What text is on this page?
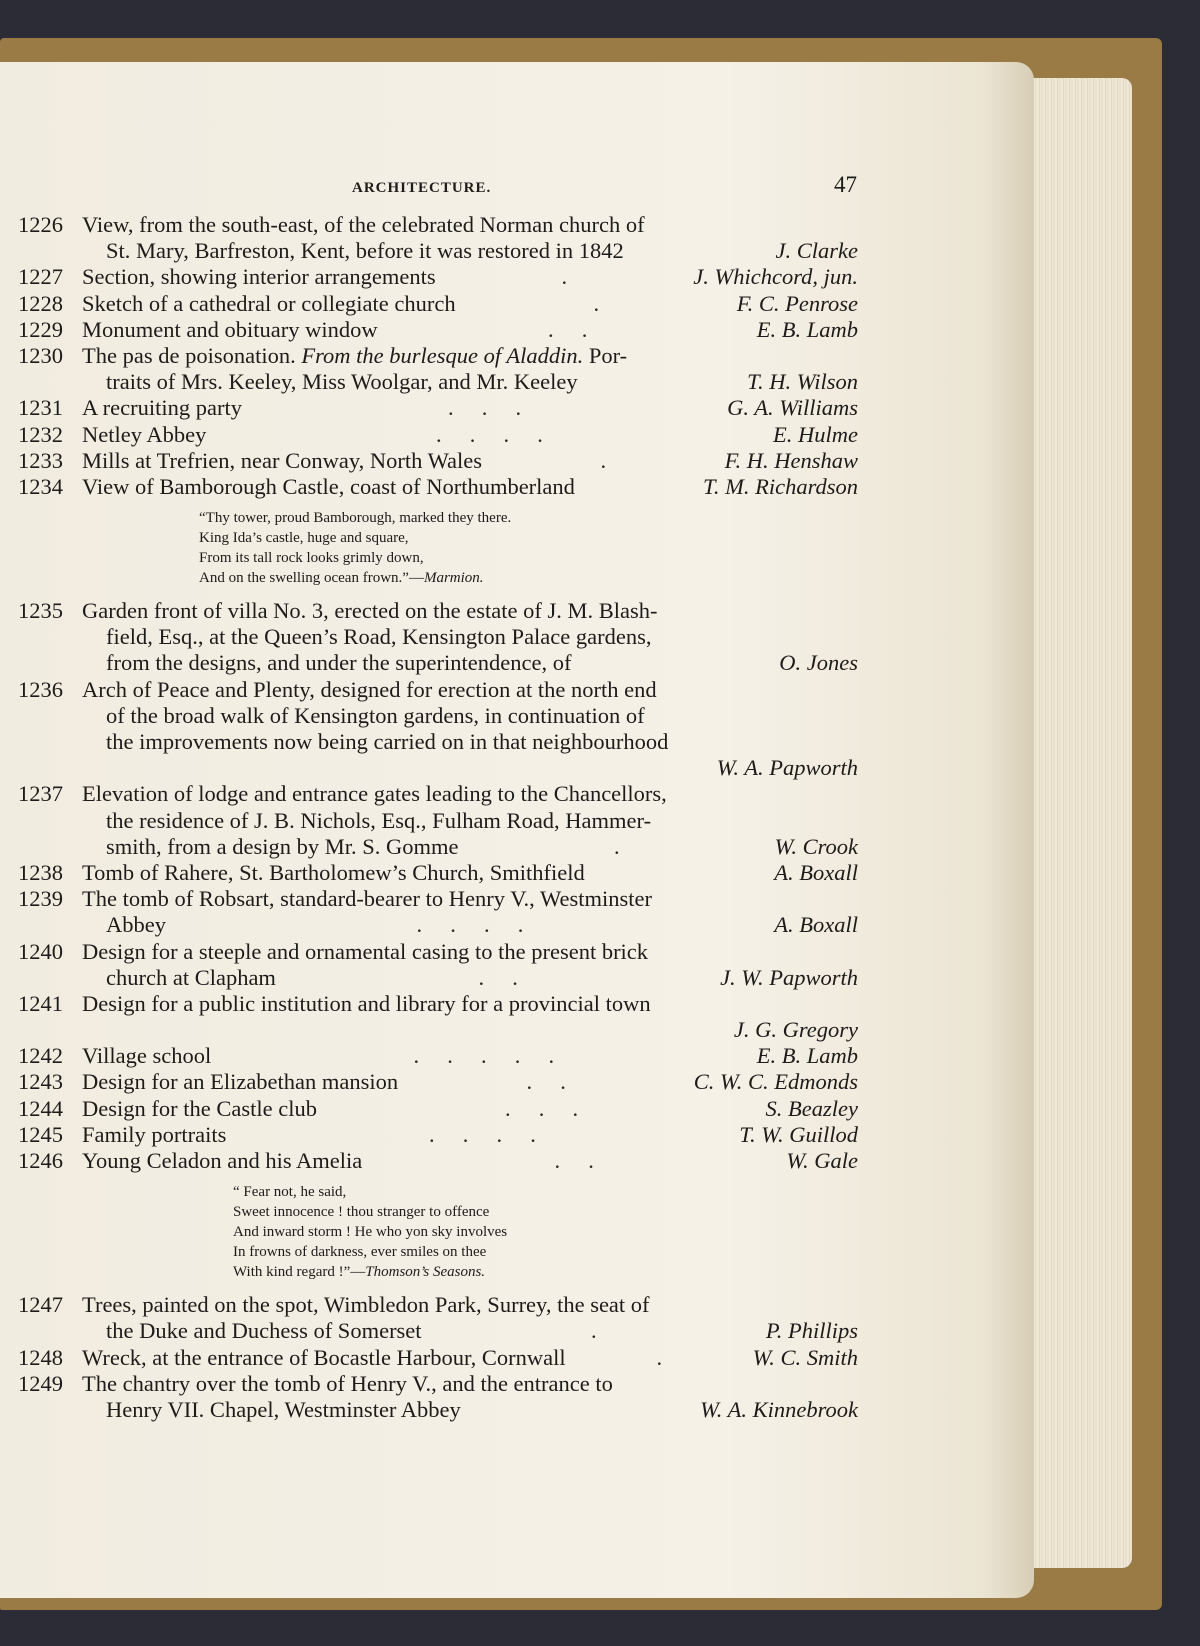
ARCHITECTURE.	47
1226 View, from the south-east, of the celebrated Norman church of
St. Mary, Barfreston, Kent, before it was restored in 1842	J. Clarke
1227 Section, showing interior arrangements	.	J. Whichcord, jun.
1228 Sketch of a cathedral or collegiate church	.	F. C. Penrose
1229 Monument and obituary window	.     .	E. B. Lamb
1230 The pas de poisonation. From the burlesque of Aladdin. Por-
traits of Mrs. Keeley, Miss Woolgar, and Mr. Keeley	T. H. Wilson
1231 A recruiting party	.     .     .	G. A. Williams
1232 Netley Abbey	.     .     .     .	E. Hulme
1233 Mills at Trefrien, near Conway, North Wales	.	F. H. Henshaw
1234 View of Bamborough Castle, coast of Northumberland	T. M. Richardson
“Thy tower, proud Bamborough, marked they there.
King Ida’s castle, huge and square,
From its tall rock looks grimly down,
And on the swelling ocean frown.”—Marmion.
1235 Garden front of villa No. 3, erected on the estate of J. M. Blash-
field, Esq., at the Queen’s Road, Kensington Palace gardens,
from the designs, and under the superintendence, of	O. Jones
1236 Arch of Peace and Plenty, designed for erection at the north end
of the broad walk of Kensington gardens, in continuation of
the improvements now being carried on in that neighbourhood
W. A. Papworth
1237 Elevation of lodge and entrance gates leading to the Chancellors,
the residence of J. B. Nichols, Esq., Fulham Road, Hammer-
smith, from a design by Mr. S. Gomme	.	W. Crook
1238 Tomb of Rahere, St. Bartholomew’s Church, Smithfield	A. Boxall
1239 The tomb of Robsart, standard-bearer to Henry V., Westminster
Abbey	.     .     .     .	A. Boxall
1240 Design for a steeple and ornamental casing to the present brick
church at Clapham	.     .	J. W. Papworth
1241 Design for a public institution and library for a provincial town
J. G. Gregory
1242 Village school	.     .     .     .     .	E. B. Lamb
1243 Design for an Elizabethan mansion	.     .	C. W. C. Edmonds
1244 Design for the Castle club	.     .     .	S. Beazley
1245 Family portraits	.     .     .     .	T. W. Guillod
1246 Young Celadon and his Amelia	.     .	W. Gale
“ Fear not, he said,
Sweet innocence ! thou stranger to offence
And inward storm ! He who yon sky involves
In frowns of darkness, ever smiles on thee
With kind regard !”—Thomson’s Seasons.
1247 Trees, painted on the spot, Wimbledon Park, Surrey, the seat of
the Duke and Duchess of Somerset	.	P. Phillips
1248 Wreck, at the entrance of Bocastle Harbour, Cornwall	.	W. C. Smith
1249 The chantry over the tomb of Henry V., and the entrance to
Henry VII. Chapel, Westminster Abbey	W. A. Kinnebrook
